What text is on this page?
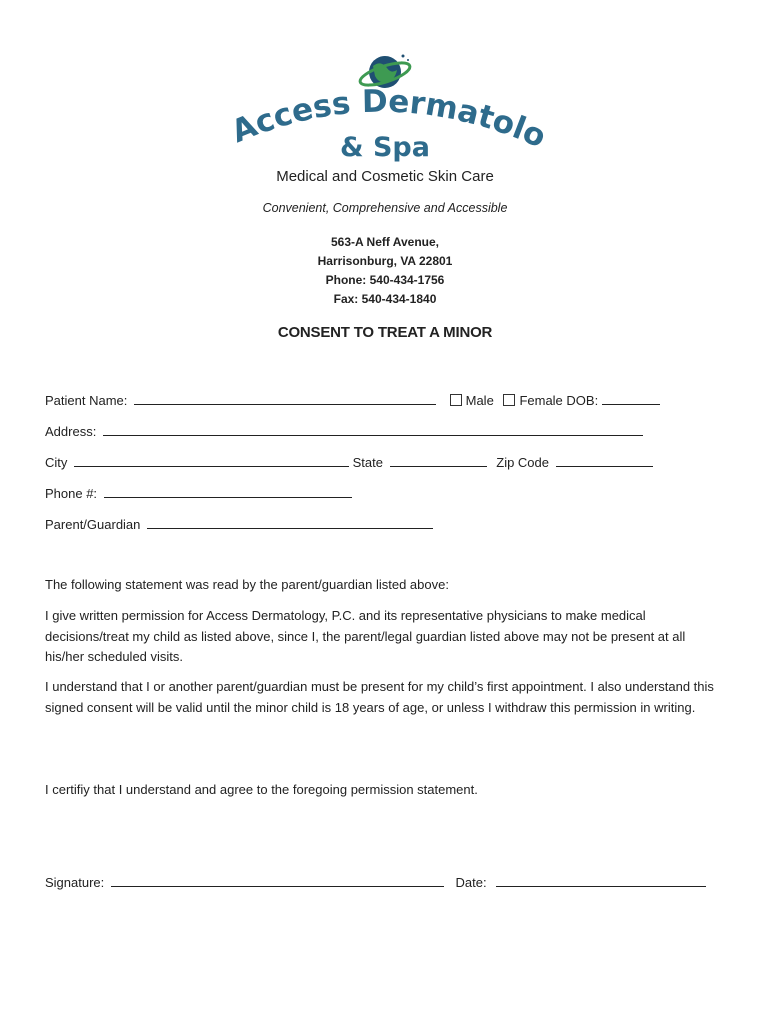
Access Dermatolo
& Spa
Medical and Cosmetic Skin Care
Convenient, Comprehensive and Accessible
563-A Neff Avenue,
Harrisonburg, VA 22801
Phone: 540-434-1756
Fax: 540-434-1840
CONSENT TO TREAT A MINOR
Patient Name:	Male Female DOB:
Address:
City	State	Zip Code
Phone #:
Parent/Guardian
The following statement was read by the parent/guardian listed above:
I give written permission for Access Dermatology, P.C. and its representative physicians to make medical decisions/treat my child as listed above, since I, the parent/legal guardian listed above may not be present at all his/her scheduled visits.
I understand that I or another parent/guardian must be present for my child’s first appointment. I also understand this signed consent will be valid until the minor child is 18 years of age, or unless I withdraw this permission in writing.
I certifiy that I understand and agree to the foregoing permission statement.
Signature:	Date:
